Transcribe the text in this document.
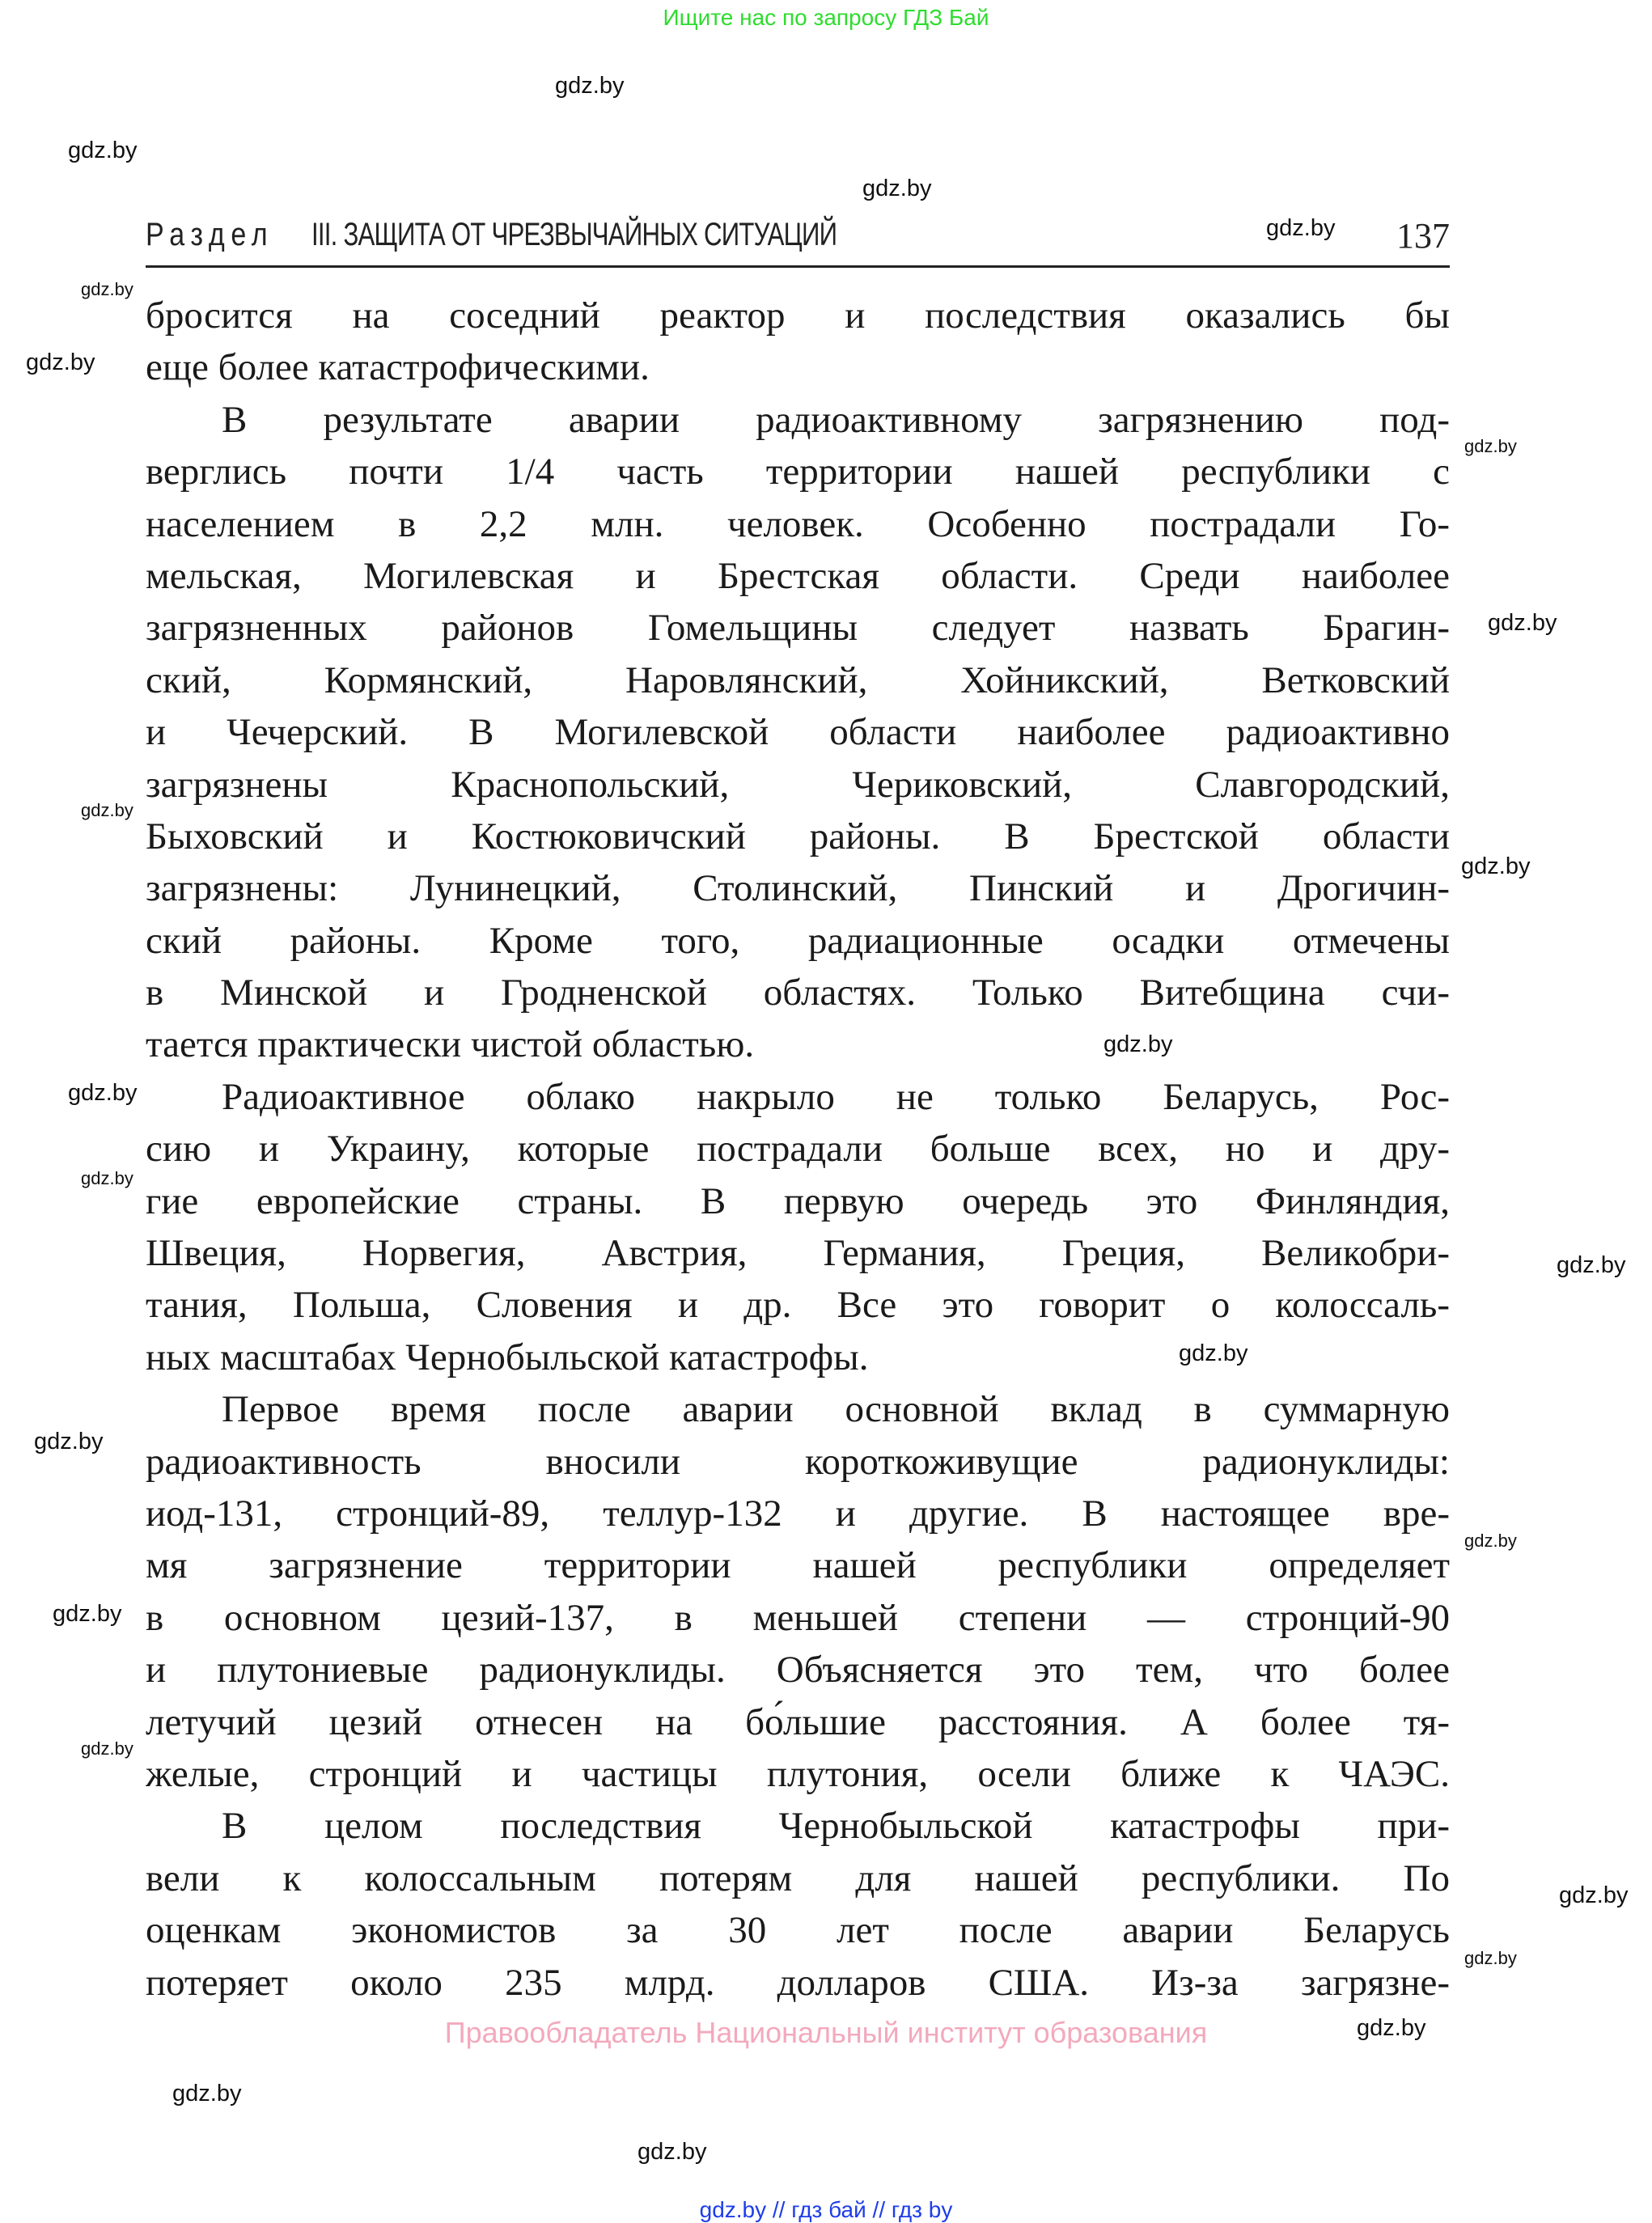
Ищите нас по запросу ГДЗ Бай
Раздел III. ЗАЩИТА ОТ ЧРЕЗВЫЧАЙНЫХ СИТУАЦИЙ	137
бросится на соседний реактор и последствия оказались бы
еще более катастрофическими.
В результате аварии радиоактивному загрязнению под-
верглись почти 1/4 часть территории нашей республики с
населением в 2,2 млн. человек. Особенно пострадали Го-
мельская, Могилевская и Брестская области. Среди наиболее
загрязненных районов Гомельщины следует назвать Брагин-
ский, Кормянский, Наровлянский, Хойникский, Ветковский
и Чечерский. В Могилевской области наиболее радиоактивно
загрязнены Краснопольский, Чериковский, Славгородский,
Быховский и Костюковичский районы. В Брестской области
загрязнены: Лунинецкий, Столинский, Пинский и Дрогичин-
ский районы. Кроме того, радиационные осадки отмечены
в Минской и Гродненской областях. Только Витебщина счи-
тается практически чистой областью.
Радиоактивное облако накрыло не только Беларусь, Рос-
сию и Украину, которые пострадали больше всех, но и дру-
гие европейские страны. В первую очередь это Финляндия,
Швеция, Норвегия, Австрия, Германия, Греция, Великобри-
тания, Польша, Словения и др. Все это говорит о колоссаль-
ных масштабах Чернобыльской катастрофы.
Первое время после аварии основной вклад в суммарную
радиоактивность вносили короткоживущие радионуклиды:
иод-131, стронций-89, теллур-132 и другие. В настоящее вре-
мя загрязнение территории нашей республики определяет
в основном цезий-137, в меньшей степени — стронций-90
и плутониевые радионуклиды. Объясняется это тем, что более
летучий цезий отнесен на бо́льшие расстояния. А более тя-
желые, стронций и частицы плутония, осели ближе к ЧАЭС.
В целом последствия Чернобыльской катастрофы при-
вели к колоссальным потерям для нашей республики. По
оценкам экономистов за 30 лет после аварии Беларусь
потеряет около 235 млрд. долларов США. Из-за загрязне-
gdz.by
gdz.by
gdz.by
gdz.by
gdz.by
gdz.by
gdz.by
gdz.by
gdz.by
gdz.by
gdz.by
gdz.by
gdz.by
gdz.by
gdz.by
gdz.by
gdz.by
gdz.by
gdz.by
gdz.by
gdz.by
gdz.by
gdz.by
gdz.by
Правообладатель Национальный институт образования
gdz.by // гдз бай // гдз by
